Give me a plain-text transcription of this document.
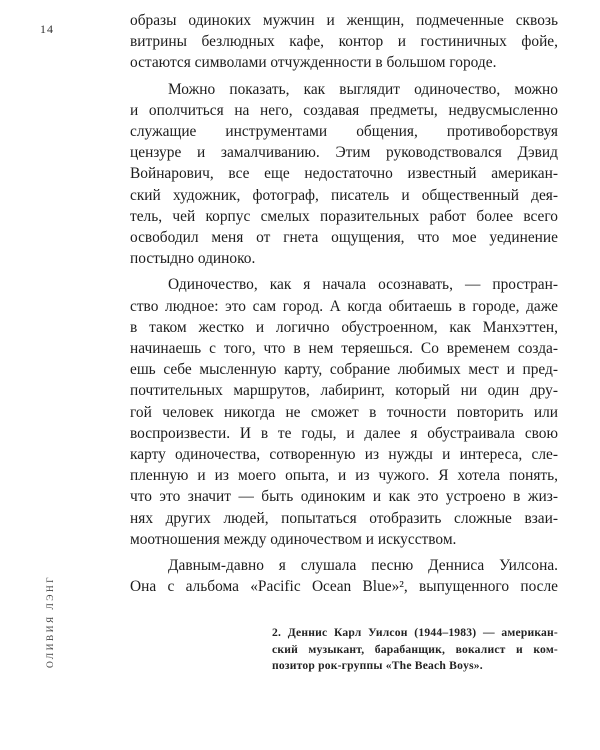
14	образы одиноких мужчин и женщин, подмеченные сквозь
витрины безлюдных кафе, контор и гостиничных фойе,
остаются символами отчужденности в большом городе.
Можно показать, как выглядит одиночество, можно
и ополчиться на него, создавая предметы, недвусмысленно
служащие инструментами общения, противоборствуя
цензуре и замалчиванию. Этим руководствовался Дэвид
Войнарович, все еще недостаточно известный американ-
ский художник, фотограф, писатель и общественный дея-
тель, чей корпус смелых поразительных работ более всего
освободил меня от гнета ощущения, что мое уединение
постыдно одиноко.
Одиночество, как я начала осознавать, — простран-
ство людное: это сам город. А когда обитаешь в городе, даже
в таком жестко и логично обустроенном, как Манхэттен,
начинаешь с того, что в нем теряешься. Со временем созда-
ешь себе мысленную карту, собрание любимых мест и пред-
почтительных маршрутов, лабиринт, который ни один дру-
гой человек никогда не сможет в точности повторить или
воспроизвести. И в те годы, и далее я обустраивала свою
карту одиночества, сотворенную из нужды и интереса, сле-
пленную и из моего опыта, и из чужого. Я хотела понять,
что это значит — быть одиноким и как это устроено в жиз-
нях других людей, попытаться отобразить сложные взаи-
моотношения между одиночеством и искусством.
Давным-давно я слушала песню Денниса Уилсона.
Она с альбома «Pacific Ocean Blue»², выпущенного после
ОЛИВИЯ ЛЭНГ	2. Деннис Карл Уилсон (1944–1983) — американ-
ский музыкант, барабанщик, вокалист и ком-
позитор рок-группы «The Beach Boys».
